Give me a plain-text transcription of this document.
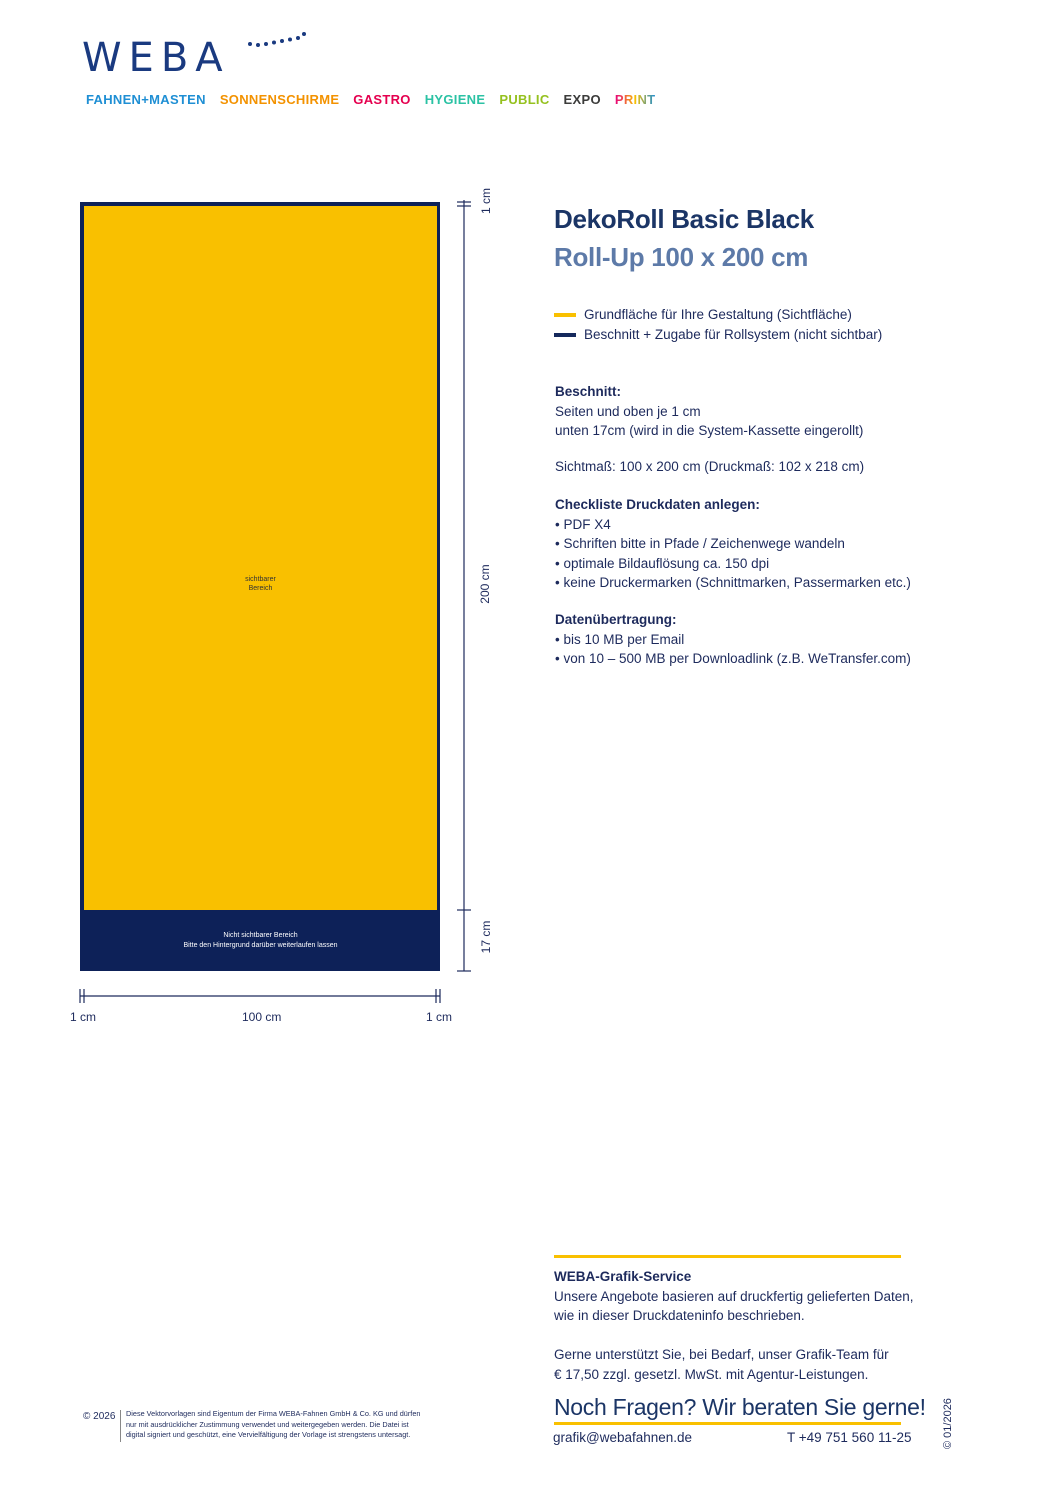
WEBA
FAHNEN+MASTEN SONNENSCHIRME GASTRO HYGIENE PUBLIC EXPO PRINT
sichtbarer
Bereich
Nicht sichtbarer Bereich
Bitte den Hintergrund darüber weiterlaufen lassen
1 cm
200 cm
17 cm
1 cm	100 cm	1 cm
DekoRoll Basic Black
Roll-Up 100 x 200 cm
Grundfläche für Ihre Gestaltung (Sichtfläche)
Beschnitt + Zugabe für Rollsystem (nicht sichtbar)
Beschnitt:
Seiten und oben je 1 cm
unten 17cm (wird in die System-Kassette eingerollt)
Sichtmaß: 100 x 200 cm (Druckmaß: 102 x 218 cm)
Checkliste Druckdaten anlegen:
• PDF X4
• Schriften bitte in Pfade / Zeichenwege wandeln
• optimale Bildauflösung ca. 150 dpi
• keine Druckermarken (Schnittmarken, Passermarken etc.)
Datenübertragung:
• bis 10 MB per Email
• von 10 – 500 MB per Downloadlink (z.B. WeTransfer.com)
WEBA-Grafik-Service
Unsere Angebote basieren auf druckfertig gelieferten Daten,
wie in dieser Druckdateninfo beschrieben.
Gerne unterstützt Sie, bei Bedarf, unser Grafik-Team für
€ 17,50 zzgl. gesetzl. MwSt. mit Agentur-Leistungen.
Noch Fragen? Wir beraten Sie gerne!
grafik@webafahnen.de	T +49 751 560 11-25	© 01/2026
© 2026 Diese Vektorvorlagen sind Eigentum der Firma WEBA-Fahnen GmbH & Co. KG und dürfen
nur mit ausdrücklicher Zustimmung verwendet und weitergegeben werden. Die Datei ist
digital signiert und geschützt, eine Vervielfältigung der Vorlage ist strengstens untersagt.
